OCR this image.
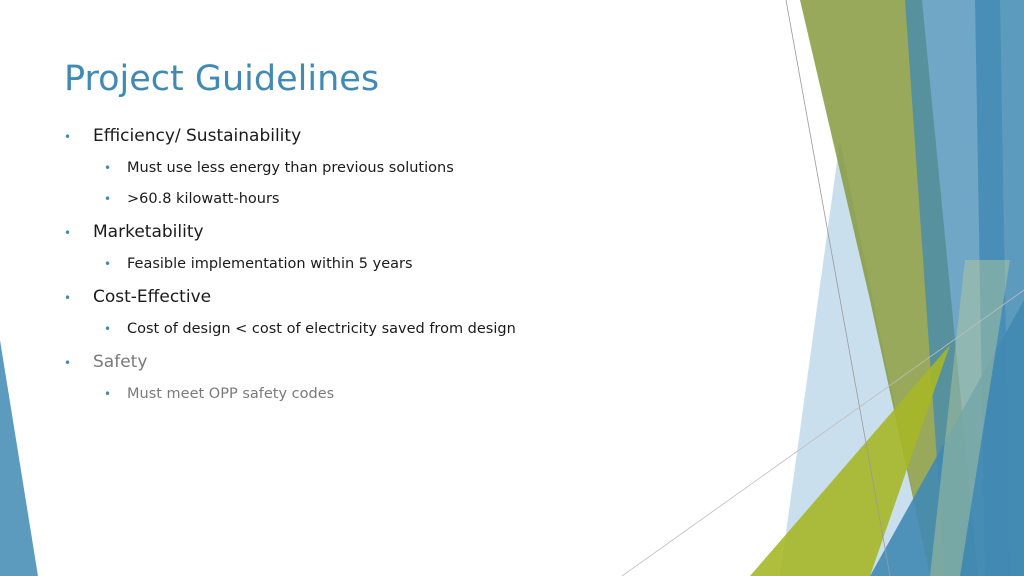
Project Guidelines
• Efficiency/ Sustainability
• Must use less energy than previous solutions
• >60.8 kilowatt-hours
• Marketability
• Feasible implementation within 5 years
• Cost-Effective
• Cost of design < cost of electricity saved from design
• Safety
• Must meet OPP safety codes
